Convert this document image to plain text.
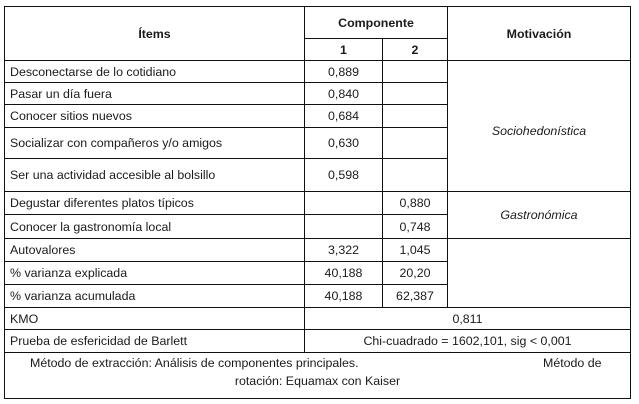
Ítems	Componente		Motivación
	1	2	
Desconectarse de lo cotidiano	0,889		Sociohedonística
Pasar un día fuera	0,840		
Conocer sitios nuevos	0,684		
Socializar con compañeros y/o amigos	0,630		
Ser una actividad accesible al bolsillo	0,598		
Degustar diferentes platos típicos		0,880	Gastronómica
Conocer la gastronomía local		0,748	
Autovalores	3,322	1,045	
% varianza explicada	40,188	20,20	
% varianza acumulada	40,188	62,387	
KMO	0,811		
Prueba de esfericidad de Barlett	Chi-cuadrado = 1602,101, sig < 0,001		

Método de extracción: Análisis de componentes principales. Método de
rotación: Equamax con Kaiser			
